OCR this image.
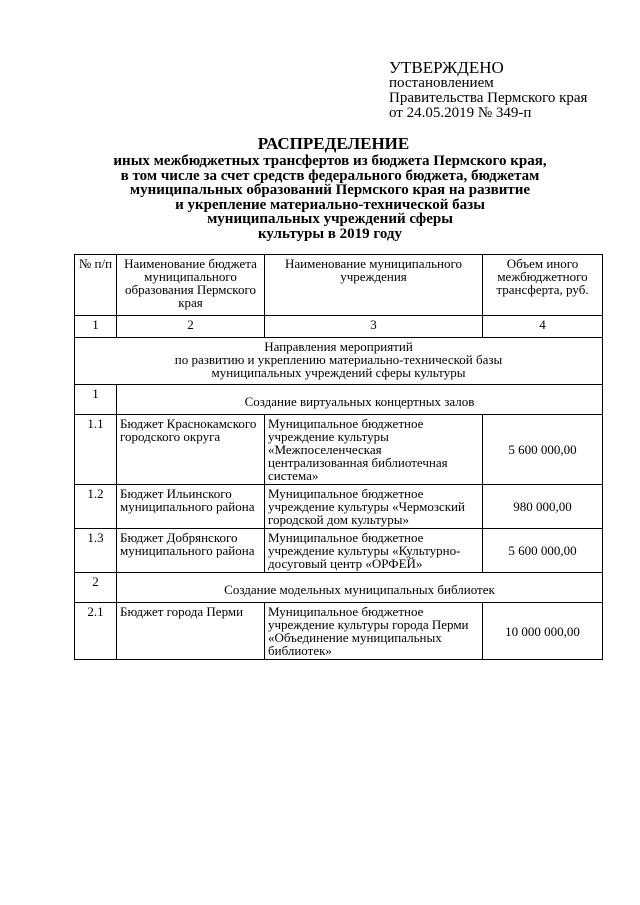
УТВЕРЖДЕНО
постановлением
Правительства Пермского края
от 24.05.2019 № 349-п
РАСПРЕДЕЛЕНИЕ
иных межбюджетных трансфертов из бюджета Пермского края,
в том числе за счет средств федерального бюджета, бюджетам
муниципальных образований Пермского края на развитие
и укрепление материально-технической базы
муниципальных учреждений сферы
культуры в 2019 году
№ п/п	Наименование бюджета муниципального образования Пермского края	Наименование муниципального учреждения	Объем иного межбюджетного трансферта, руб.
1	2	3	4

Направления мероприятий
по развитию и укреплению материально-технической базы
муниципальных учреждений сферы культуры			

1	Создание виртуальных концертных залов		
1.1	Бюджет Краснокамского городского округа	Муниципальное бюджетное учреждение культуры «Межпоселенческая централизованная библиотечная система»	5 600 000,00
1.2	Бюджет Ильинского муниципального района	Муниципальное бюджетное учреждение культуры «Чермозский городской дом культуры»	980 000,00
1.3	Бюджет Добрянского муниципального района	Муниципальное бюджетное учреждение культуры «Культурно-досуговый центр «ОРФЕЙ»	5 600 000,00
2	Создание модельных муниципальных библиотек		
2.1	Бюджет города Перми	Муниципальное бюджетное учреждение культуры города Перми «Объединение муниципальных библиотек»	10 000 000,00
